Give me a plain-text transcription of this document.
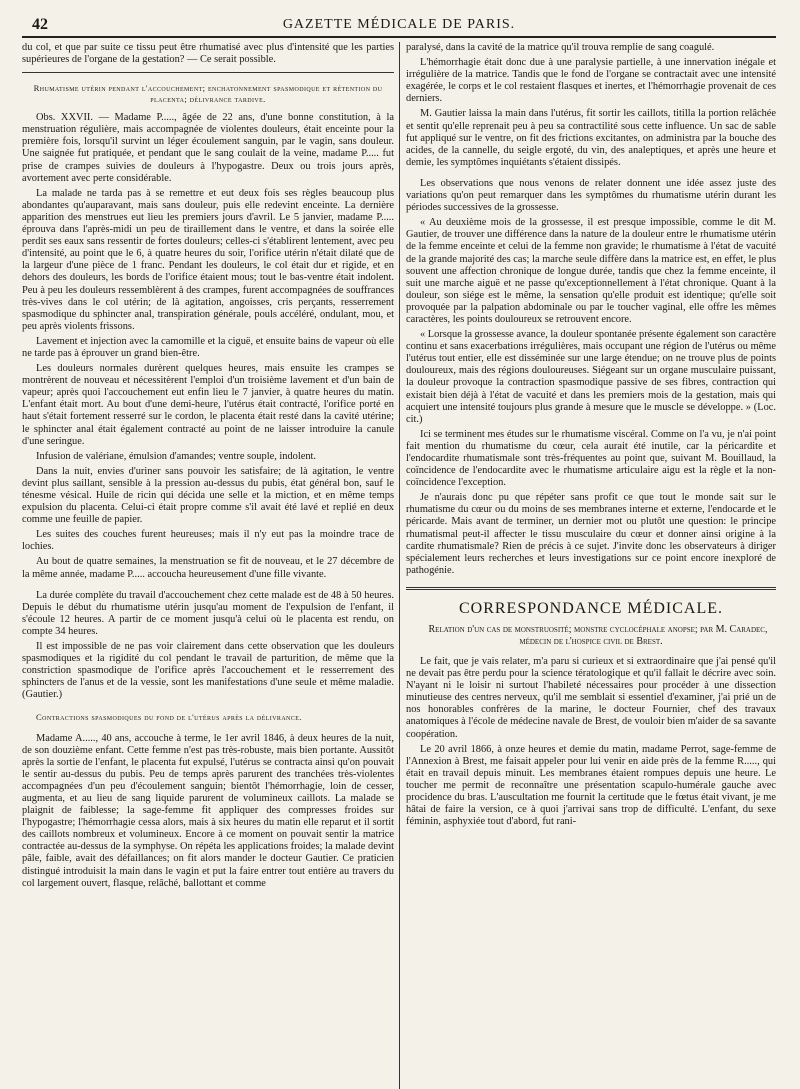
42	GAZETTE MÉDICALE DE PARIS.

du col, et que par suite ce tissu peut être rhumatisé avec plus d'intensité que les parties supérieures de l'organe de la gestation? — Ce serait possible.

Rhumatisme utérin pendant l'accouchement; enchatonnement spasmodique et rétention du placenta; délivrance tardive.

Obs. XXVII. — Madame P....., âgée de 22 ans, d'une bonne constitution, à la menstruation régulière, mais accompagnée de violentes douleurs, était enceinte pour la première fois, lorsqu'il survint un léger écoulement sanguin, par le vagin, sans douleur. Une saignée fut pratiquée, et pendant que le sang coulait de la veine, madame P..... fut prise de crampes suivies de douleurs à l'hypogastre. Deux ou trois jours après, avortement avec perte considérable.

La malade ne tarda pas à se remettre et eut deux fois ses règles beaucoup plus abondantes qu'auparavant, mais sans douleur, puis elle redevint enceinte. La dernière apparition des menstrues eut lieu les premiers jours d'avril. Le 5 janvier, madame P..... éprouva dans l'après-midi un peu de tiraillement dans le ventre, et dans la soirée elle perdit ses eaux sans ressentir de fortes douleurs; celles-ci s'établirent lentement, avec peu d'intensité, au point que le 6, à quatre heures du soir, l'orifice utérin n'était dilaté que de la largeur d'une pièce de 1 franc. Pendant les douleurs, le col était dur et rigide, et en dehors des douleurs, les bords de l'orifice étaient mous; tout le bas-ventre était indolent. Peu à peu les douleurs ressemblèrent à des crampes, furent accompagnées de souffrances très-vives dans le col utérin; de là agitation, angoisses, cris perçants, resserrement spasmodique du sphincter anal, transpiration générale, pouls accéléré, ondulant, mou, et peu après violents frissons.

Lavement et injection avec la camomille et la ciguë, et ensuite bains de vapeur où elle ne tarde pas à éprouver un grand bien-être.

Les douleurs normales durèrent quelques heures, mais ensuite les crampes se montrèrent de nouveau et nécessitèrent l'emploi d'un troisième lavement et d'un bain de vapeur; après quoi l'accouchement eut enfin lieu le 7 janvier, à quatre heures du matin. L'enfant était mort. Au bout d'une demi-heure, l'utérus était contracté, l'orifice porté en haut s'était fortement resserré sur le cordon, le placenta était resté dans la cavité utérine; le sphincter anal était également contracté au point de ne laisser introduire la canule d'une seringue.

Infusion de valériane, émulsion d'amandes; ventre souple, indolent.

Dans la nuit, envies d'uriner sans pouvoir les satisfaire; de là agitation, le ventre devint plus saillant, sensible à la pression au-dessus du pubis, état général bon, sauf le ténesme vésical. Huile de ricin qui décida une selle et la miction, et en même temps expulsion du placenta. Celui-ci était propre comme s'il avait été lavé et replié en deux comme une feuille de papier.

Les suites des couches furent heureuses; mais il n'y eut pas la moindre trace de lochies.

Au bout de quatre semaines, la menstruation se fit de nouveau, et le 27 décembre de la même année, madame P..... accoucha heureusement d'une fille vivante.

La durée complète du travail d'accouchement chez cette malade est de 48 à 50 heures. Depuis le début du rhumatisme utérin jusqu'au moment de l'expulsion de l'enfant, il s'écoule 12 heures. A partir de ce moment jusqu'à celui où le placenta est rendu, on compte 34 heures.

Il est impossible de ne pas voir clairement dans cette observation que les douleurs spasmodiques et la rigidité du col pendant le travail de parturition, de même que la constriction spasmodique de l'orifice après l'accouchement et le resserrement des sphincters de l'anus et de la vessie, sont les manifestations d'une seule et même maladie. (Gautier.)

Contractions spasmodiques du fond de l'utérus après la délivrance.

Madame A....., 40 ans, accouche à terme, le 1er avril 1846, à deux heures de la nuit, de son douzième enfant. Cette femme n'est pas très-robuste, mais bien portante. Aussitôt après la sortie de l'enfant, le placenta fut expulsé, l'utérus se contracta ainsi qu'on pouvait le sentir au-dessus du pubis. Peu de temps après parurent des tranchées très-violentes accompagnées d'un peu d'écoulement sanguin; bientôt l'hémorrhagie, loin de cesser, augmenta, et au lieu de sang liquide parurent de volumineux caillots. La malade se plaignit de faiblesse; la sage-femme fit appliquer des compresses froides sur l'hypogastre; l'hémorrhagie cessa alors, mais à six heures du matin elle reparut et il sortit des caillots nombreux et volumineux. Encore à ce moment on pouvait sentir la matrice contractée au-dessus de la symphyse. On répéta les applications froides; la malade devint pâle, faible, avait des défaillances; on fit alors mander le docteur Gautier. Ce praticien distingué introduisit la main dans le vagin et put la faire entrer tout entière au travers du col largement ouvert, flasque, relâché, ballottant et comme

paralysé, dans la cavité de la matrice qu'il trouva remplie de sang coagulé.

L'hémorrhagie était donc due à une paralysie partielle, à une innervation inégale et irrégulière de la matrice. Tandis que le fond de l'organe se contractait avec une intensité exagérée, le corps et le col restaient flasques et inertes, et l'hémorrhagie provenait de ces derniers.

M. Gautier laissa la main dans l'utérus, fit sortir les caillots, titilla la portion relâchée et sentit qu'elle reprenait peu à peu sa contractilité sous cette influence. Un sac de sable fut appliqué sur le ventre, on fit des frictions excitantes, on administra par la bouche des acides, de la cannelle, du seigle ergoté, du vin, des analeptiques, et après une heure et demie, les symptômes inquiétants s'étaient dissipés.

Les observations que nous venons de relater donnent une idée assez juste des variations qu'on peut remarquer dans les symptômes du rhumatisme utérin durant les périodes successives de la grossesse.

« Au deuxième mois de la grossesse, il est presque impossible, comme le dit M. Gautier, de trouver une différence dans la nature de la douleur entre le rhumatisme utérin de la femme enceinte et celui de la femme non gravide; le rhumatisme à l'état de vacuité de la grande majorité des cas; la marche seule diffère dans la matrice est, en effet, le plus souvent une affection chronique de longue durée, tandis que chez la femme enceinte, il suit une marche aiguë et ne passe qu'exceptionnellement à l'état chronique. Quant à la douleur, son siége est le même, la sensation qu'elle produit est identique; qu'elle soit provoquée par la palpation abdominale ou par le toucher vaginal, elle offre les mêmes caractères, les points douloureux se retrouvent encore.

« Lorsque la grossesse avance, la douleur spontanée présente également son caractère continu et sans exacerbations irrégulières, mais occupant une région de l'utérus ou même l'utérus tout entier, elle est disséminée sur une large étendue; on ne trouve plus de points douloureux, mais des régions douloureuses. Siégeant sur un organe musculaire puissant, la douleur provoque la contraction spasmodique passive de ses fibres, contraction qui existait bien déjà à l'état de vacuité et dans les premiers mois de la gestation, mais qui acquiert une intensité toujours plus grande à mesure que le muscle se développe. » (Loc. cit.)

Ici se terminent mes études sur le rhumatisme viscéral. Comme on l'a vu, je n'ai point fait mention du rhumatisme du cœur, cela aurait été inutile, car la péricardite et l'endocardite rhumatismale sont très-fréquentes au point que, suivant M. Bouillaud, la coïncidence de l'endocardite avec le rhumatisme articulaire aigu est la règle et la non-coïncidence l'exception.

Je n'aurais donc pu que répéter sans profit ce que tout le monde sait sur le rhumatisme du cœur ou du moins de ses membranes interne et externe, l'endocarde et le péricarde. Mais avant de terminer, un dernier mot ou plutôt une question: le principe rhumatismal peut-il affecter le tissu musculaire du cœur et donner ainsi origine à la cardite rhumatismale? Rien de précis à ce sujet. J'invite donc les observateurs à diriger spécialement leurs recherches et leurs investigations sur ce point encore inexploré de pathogénie.

CORRESPONDANCE MÉDICALE.

Relation d'un cas de monstruosité; monstre cyclocéphale anopse; par M. Caradec, médecin de l'hospice civil de Brest.

Le fait, que je vais relater, m'a paru si curieux et si extraordinaire que j'ai pensé qu'il ne devait pas être perdu pour la science tératologique et qu'il fallait le décrire avec soin. N'ayant ni le loisir ni surtout l'habileté nécessaires pour procéder à une dissection minutieuse des centres nerveux, qu'il me semblait si essentiel d'examiner, j'ai prié un de nos honorables confrères de la marine, le docteur Fournier, chef des travaux anatomiques à l'école de médecine navale de Brest, de vouloir bien m'aider de sa savante coopération.

Le 20 avril 1866, à onze heures et demie du matin, madame Perrot, sage-femme de l'Annexion à Brest, me faisait appeler pour lui venir en aide près de la femme R....., qui était en travail depuis minuit. Les membranes étaient rompues depuis une heure. Le toucher me permit de reconnaître une présentation scapulo-humérale gauche avec procidence du bras. L'auscultation me fournit la certitude que le fœtus était vivant, je me hâtai de faire la version, ce à quoi j'arrivai sans trop de difficulté. L'enfant, du sexe féminin, asphyxiée tout d'abord, fut rani-
